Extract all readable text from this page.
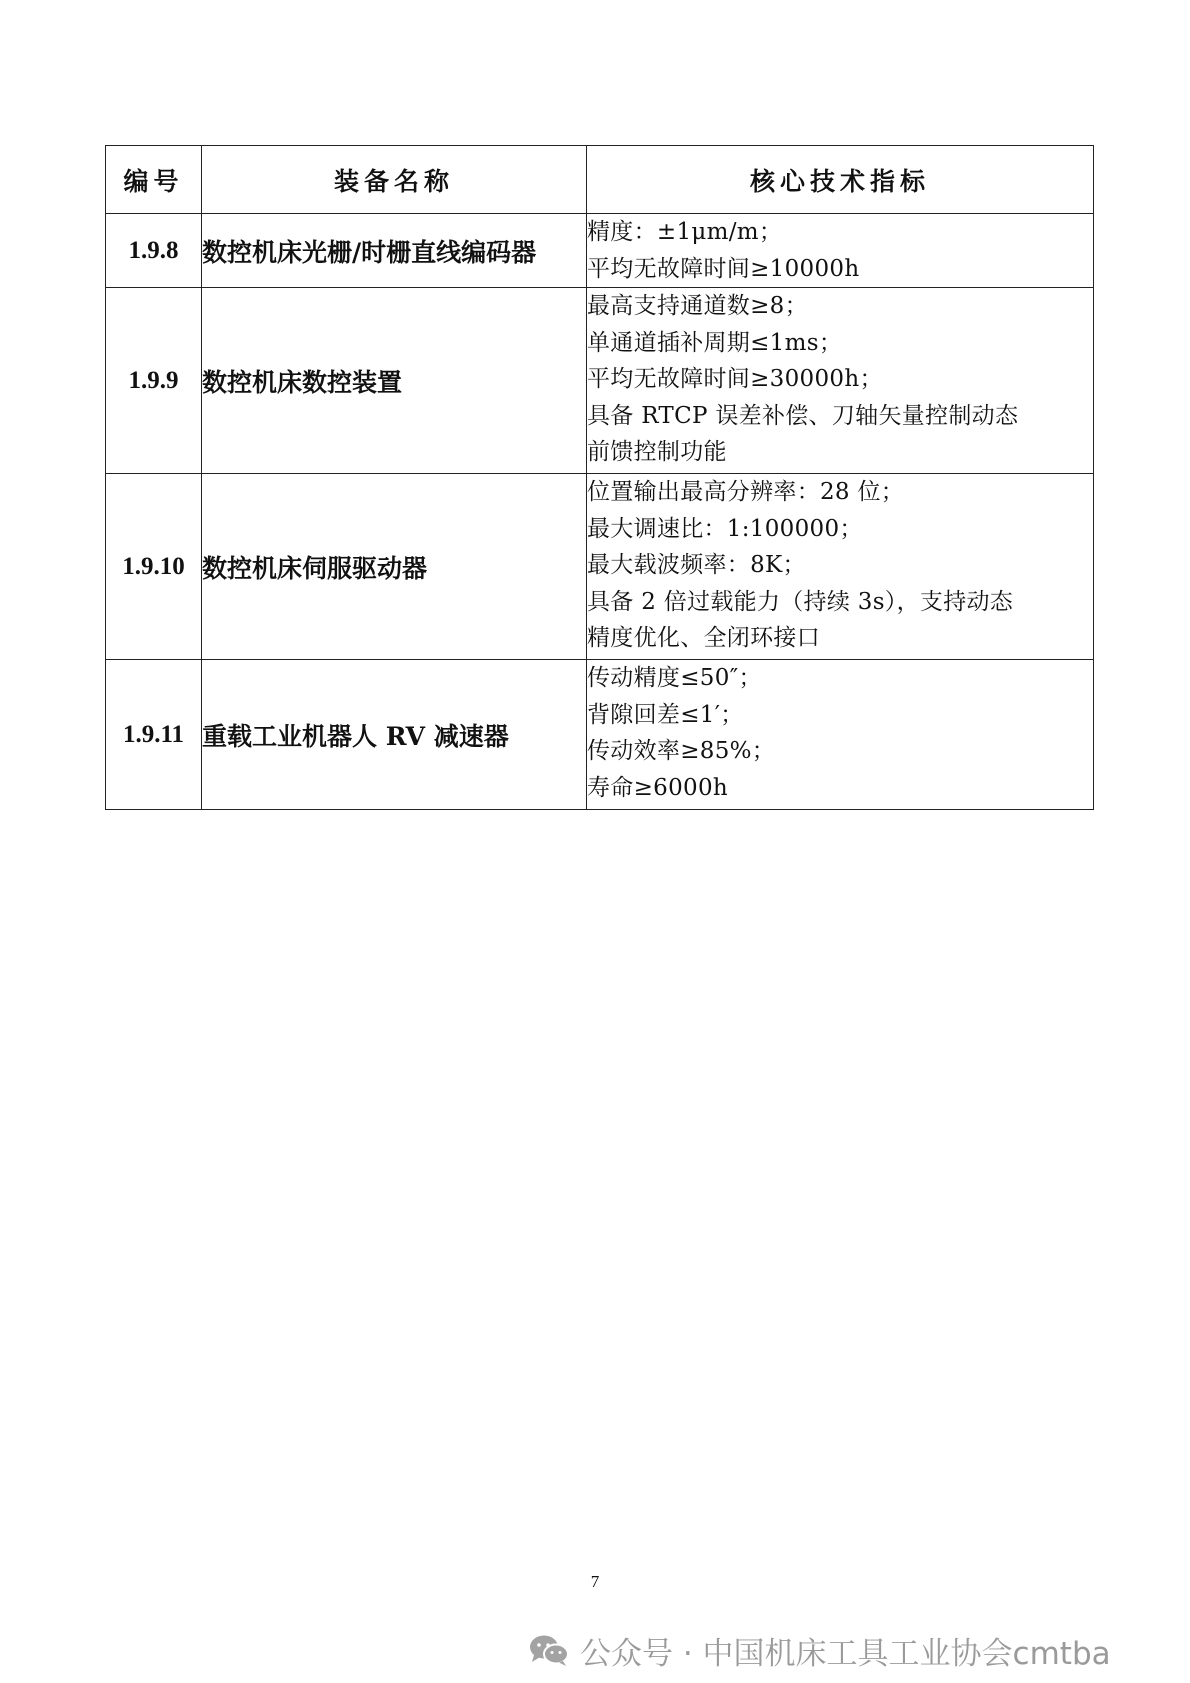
编号	装备名称	核心技术指标
1.9.8	数控机床光栅/时栅直线编码器	精度：±1μm/m；
平均无故障时间≥10000h

1.9.9	数控机床数控装置	最高支持通道数≥8；
单通道插补周期≤1ms；
平均无故障时间≥30000h；
具备 RTCP 误差补偿、刀轴矢量控制动态
前馈控制功能

1.9.10	数控机床伺服驱动器	位置输出最高分辨率：28 位；
最大调速比：1:100000；
最大载波频率：8K；
具备 2 倍过载能力（持续 3s），支持动态
精度优化、全闭环接口

1.9.11	重载工业机器人 RV 减速器	传动精度≤50″；
背隙回差≤1′；
传动效率≥85%；
寿命≥6000h
7
公众号 · 中国机床工具工业协会cmtba
